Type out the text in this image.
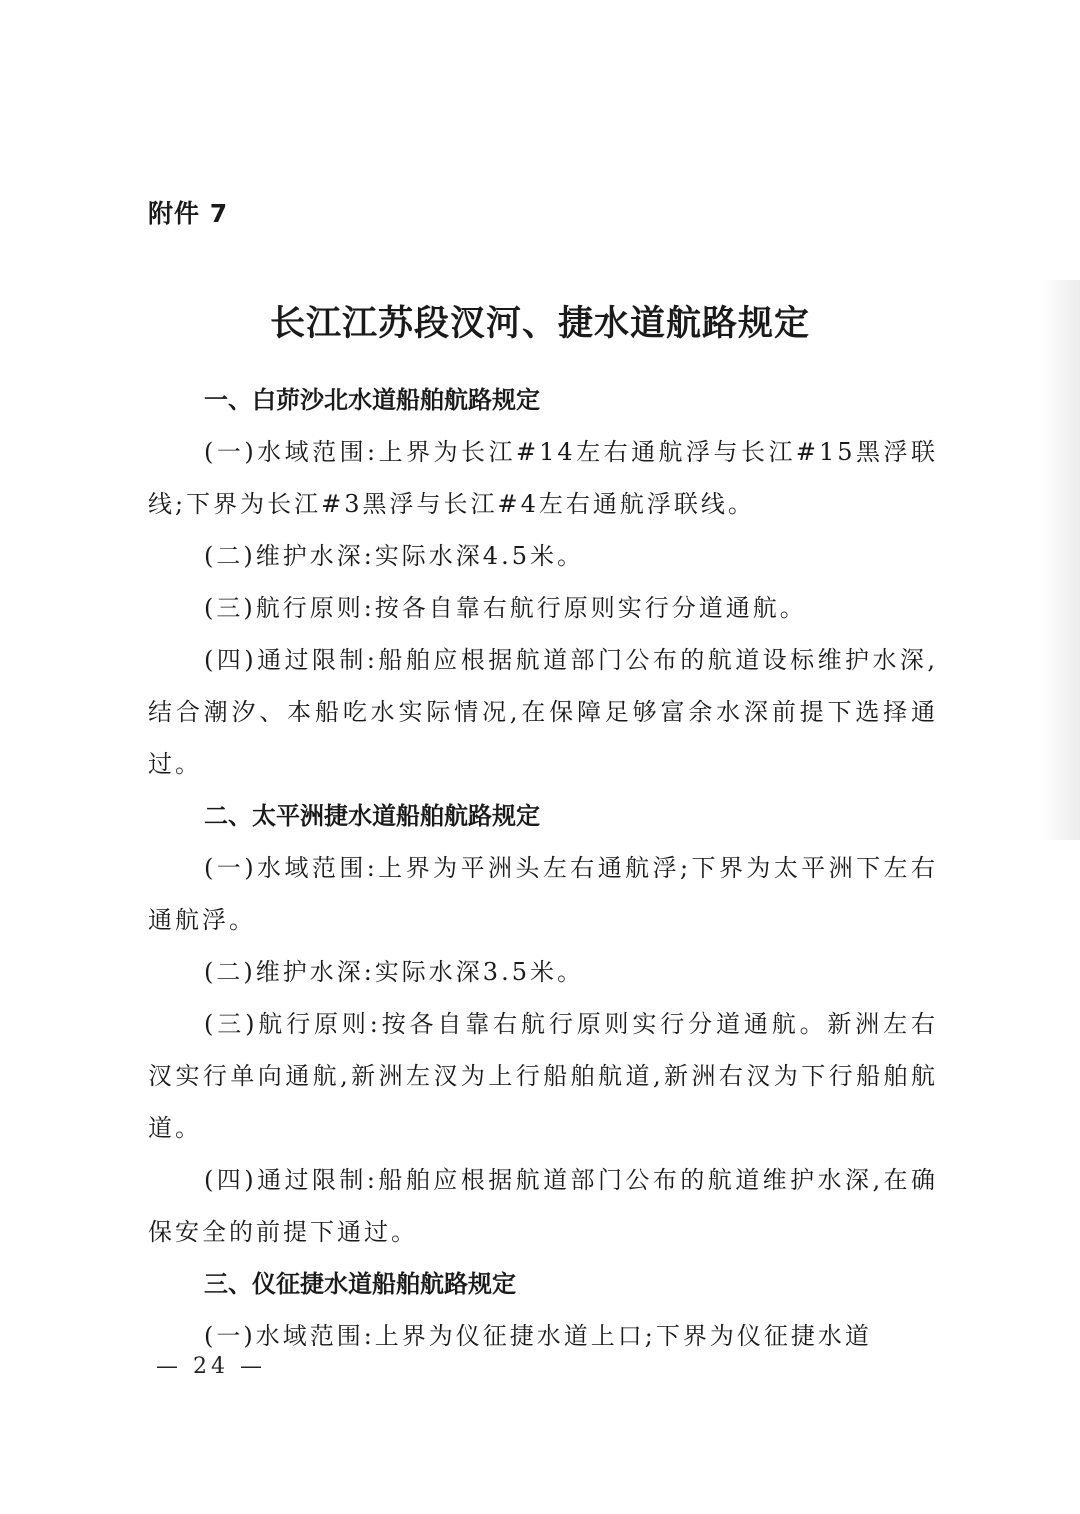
附件 7
长江江苏段汊河、捷水道航路规定
一、白茆沙北水道船舶航路规定

(一)水域范围:上界为长江#14左右通航浮与长江#15黑浮联线;下界为长江#3黑浮与长江#4左右通航浮联线。

(二)维护水深:实际水深4.5米。

(三)航行原则:按各自靠右航行原则实行分道通航。

(四)通过限制:船舶应根据航道部门公布的航道设标维护水深,结合潮汐、本船吃水实际情况,在保障足够富余水深前提下选择通过。

二、太平洲捷水道船舶航路规定

(一)水域范围:上界为平洲头左右通航浮;下界为太平洲下左右通航浮。

(二)维护水深:实际水深3.5米。

(三)航行原则:按各自靠右航行原则实行分道通航。新洲左右汊实行单向通航,新洲左汊为上行船舶航道,新洲右汊为下行船舶航道。

(四)通过限制:船舶应根据航道部门公布的航道维护水深,在确保安全的前提下通过。

三、仪征捷水道船舶航路规定

(一)水域范围:上界为仪征捷水道上口;下界为仪征捷水道

— 24 —
